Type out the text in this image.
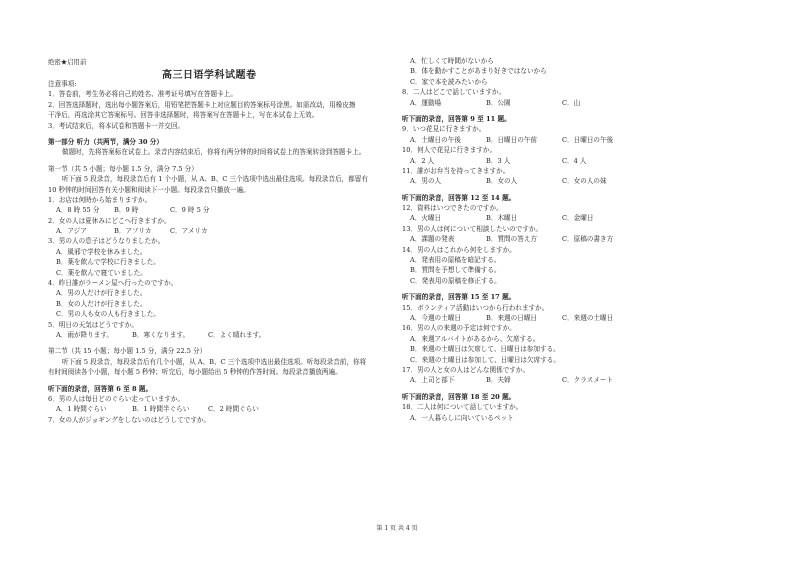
绝密★启用前
高三日语学科试题卷
注意事项:
1．答卷前，考生务必将自己的姓名、准考证号填写在答题卡上。
2．回答选择题时，选出每小题答案后，用铅笔把答题卡上对应题目的答案标号涂黑。如需改动，用橡皮擦
干净后，再选涂其它答案标号。回答非选择题时，将答案写在答题卡上，写在本试卷上无效。
3．考试结束后，将本试卷和答题卡一并交回。
第一部分 听力（共两节，满分 30 分）
做题时，先将答案标在试卷上。录音内容结束后，你将有两分钟的时间将试卷上的答案转涂到答题卡上。
第一节（共 5 小题；每小题 1.5 分，满分 7.5 分）
听下面 5 段录音，每段录音后有 1 个小题，从 A、B、C 三个选项中选出最佳选项。每段录音后，都留有
10 秒钟的时间回答有关小题和阅读下一小题。每段录音只播放一遍。
1．お店は何時から始まりますか。
A．8 時 55 分	B．9 時	C．9 時 5 分
2．女の人は夏休みにどこへ行きますか。
A．アジア	B．アフリカ	C．アメリカ
3．男の人の息子はどうなりましたか。
A．風邪で学校を休みました。
B．薬を飲んで学校に行きました。
C．薬を飲んで寝ていました。
4．昨日誰がラーメン屋へ行ったのですか。
A．男の人だけが行きました。
B．女の人だけが行きました。
C．男の人も女の人も行きました。
5．明日の天気はどうですか。
A．雨が降ります。	B．寒くなります。	C．よく晴れます。
第二节（共 15 小题；每小题 1.5 分，满分 22.5 分）
听下面 5 段录音，每段录音后有几个小题，从 A、B、C 三个选项中选出最佳选项。听每段录音前，你将
有时间阅读各个小题，每小题 5 秒钟；听完后，每小题给出 5 秒钟的作答时间。每段录音播放两遍。
听下面的录音，回答第 6 至 8 题。
6．男の人は毎日どのぐらい走っていますか。
A．1 時間ぐらい	B．1 時間半ぐらい	C．2 時間ぐらい
7．女の人がジョギングをしないのはどうしてですか。
A．忙しくて時間がないから
B．体を動かすことがあまり好きではないから
C．家で本を読みたいから
8．二人はどこで話していますか。
A．運動場	B．公園	C．山
听下面的录音，回答第 9 至 11 题。
9．いつ花見に行きますか。
A．土曜日の午後	B．日曜日の午前	C．日曜日の午後
10．何人で花見に行きますか。
A．2 人	B．3 人	C．4 人
11．誰がお弁当を持ってきますか。
A．男の人	B．女の人	C．女の人の妹
听下面的录音，回答第 12 至 14 题。
12．資料はいつできたのですか。
A．火曜日	B．木曜日	C．金曜日
13．男の人は何について相談したいのですか。
A．課題の発表	B．質問の答え方	C．原稿の書き方
14．男の人はこれから何をしますか。
A．発表用の原稿を暗記する。
B．質問を予想して準備する。
C．発表用の原稿を修正する。
听下面的录音，回答第 15 至 17 题。
15．ボランティア活動はいつから行われますか。
A．今週の土曜日	B．来週の日曜日	C．来週の土曜日
16．男の人の来週の予定は何ですか。
A．来週アルバイトがあるから、欠席する。
B．来週の土曜日は欠席して、日曜日は参加する。
C．来週の土曜日は参加して、日曜日は欠席する。
17．男の人と女の人はどんな関係ですか。
A．上司と部下	B．夫婦	C．クラスメート
听下面的录音，回答第 18 至 20 题。
18．二人は何について話していますか。
A．一人暮らしに向いているペット
第 1 页 共 4 页
